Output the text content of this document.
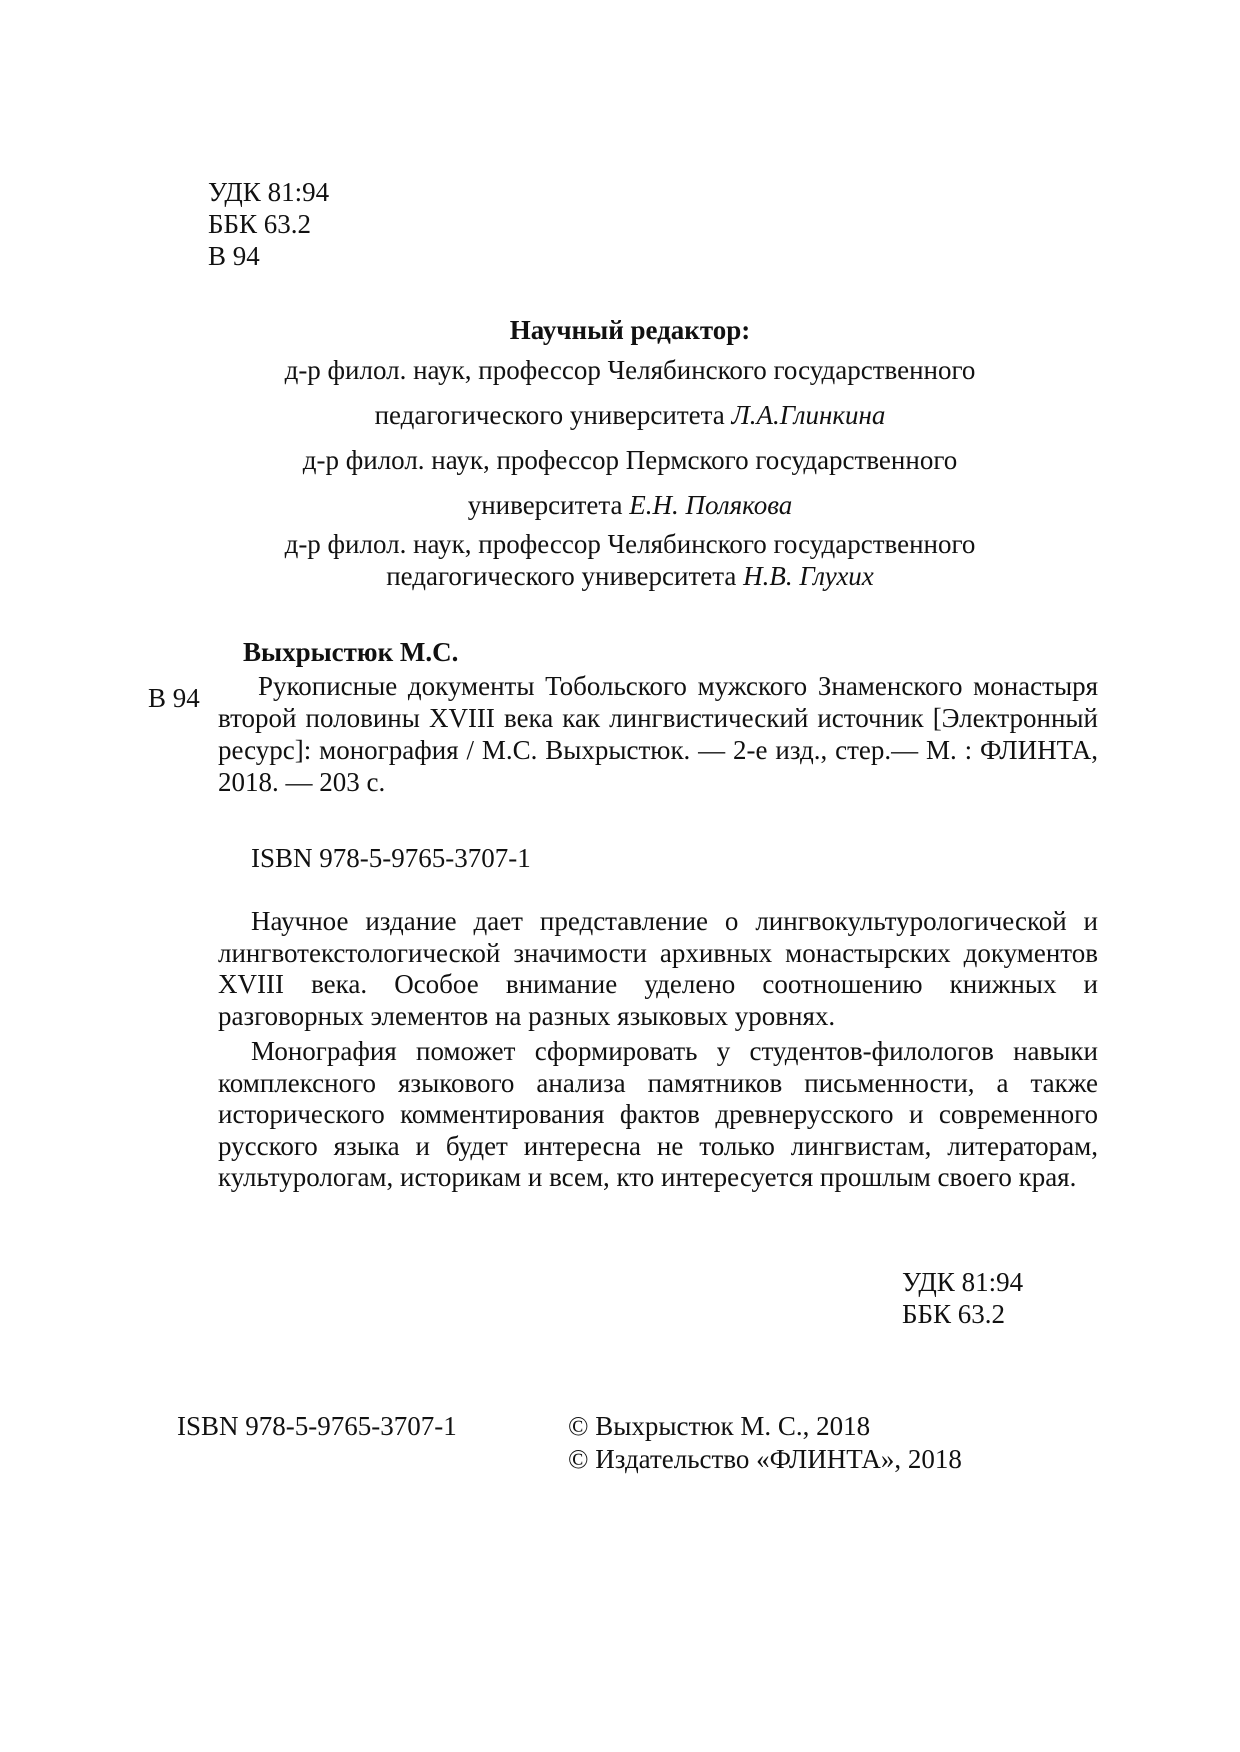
УДК 81:94
ББК 63.2
В 94
Научный редактор:
д-р филол. наук, профессор Челябинского государственного
педагогического университета Л.А.Глинкина
д-р филол. наук, профессор Пермского государственного
университета Е.Н. Полякова
д-р филол. наук, профессор Челябинского государственного
педагогического университета Н.В. Глухих
Выхрыстюк М.С.
В 94	Рукописные документы Тобольского мужского Знаменского монастыря второй половины XVIII века как лингвистический источник [Электронный ресурс]: монография / М.С. Выхрыстюк. — 2-е изд., стер.— М. : ФЛИНТА, 2018. — 203 с.
ISBN 978-5-9765-3707-1

Научное издание дает представление о лингвокультурологической и лингвотекстологической значимости архивных монастырских документов XVIII века. Особое внимание уделено соотношению книжных и разговорных элементов на разных языковых уровнях.

Монография поможет сформировать у студентов-филологов навыки комплексного языкового анализа памятников письменности, а также исторического комментирования фактов древнерусского и современного русского языка и будет интересна не только лингвистам, литераторам, культурологам, историкам и всем, кто интересуется прошлым своего края.

УДК 81:94
ББК 63.2
ISBN 978-5-9765-3707-1	© Выхрыстюк М. С., 2018
© Издательство «ФЛИНТА», 2018
